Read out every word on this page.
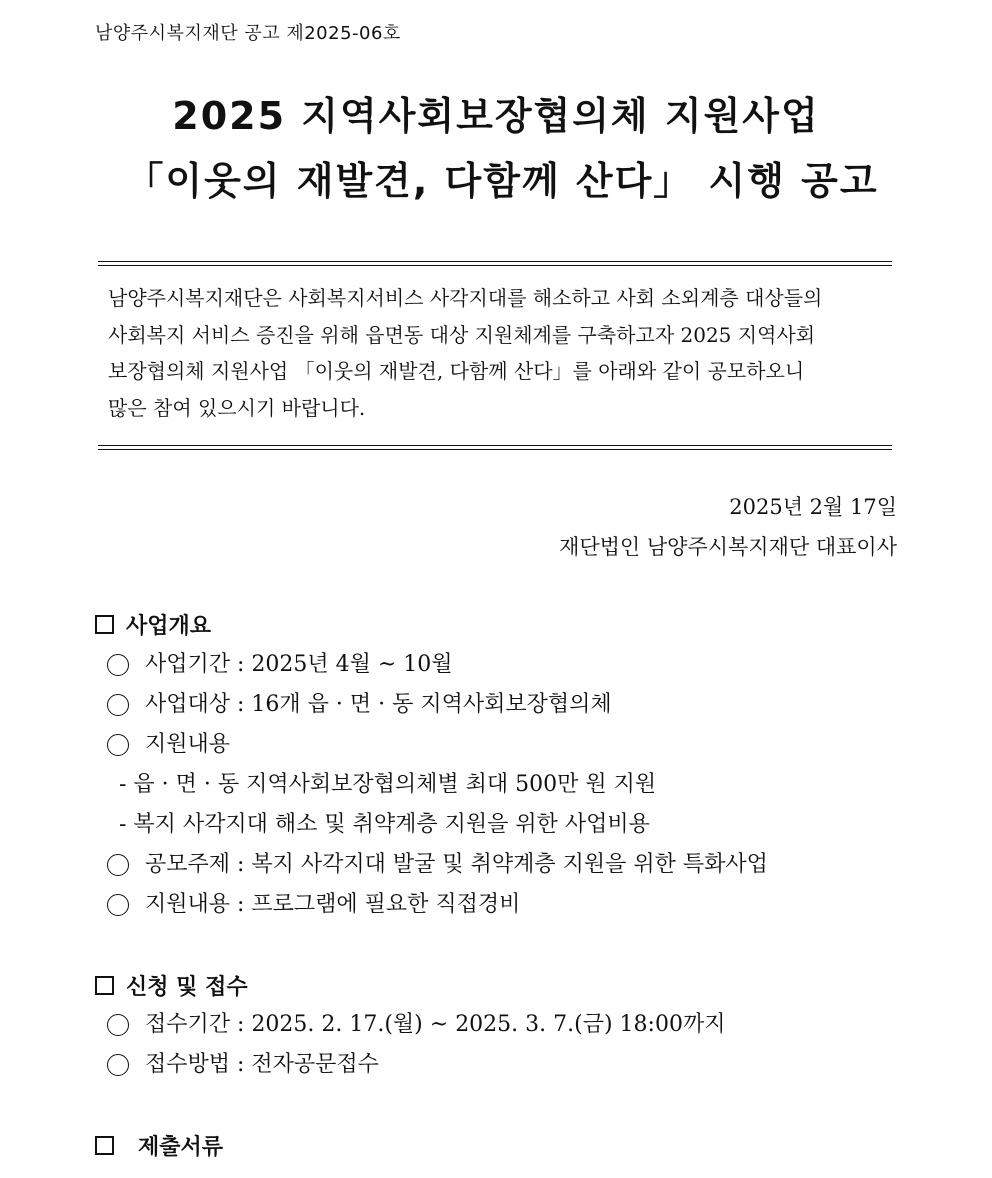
남양주시복지재단 공고 제2025-06호
2025 지역사회보장협의체 지원사업
「이웃의 재발견, 다함께 산다」 시행 공고
남양주시복지재단은 사회복지서비스 사각지대를 해소하고 사회 소외계층 대상들의
사회복지 서비스 증진을 위해 읍면동 대상 지원체계를 구축하고자 2025 지역사회
보장협의체 지원사업 「이웃의 재발견, 다함께 산다」를 아래와 같이 공모하오니
많은 참여 있으시기 바랍니다.
2025년 2월 17일
재단법인 남양주시복지재단 대표이사
사업개요
사업기간 : 2025년 4월 ~ 10월
사업대상 : 16개 읍 · 면 · 동 지역사회보장협의체
지원내용
- 읍 · 면 · 동 지역사회보장협의체별 최대 500만 원 지원
- 복지 사각지대 해소 및 취약계층 지원을 위한 사업비용
공모주제 : 복지 사각지대 발굴 및 취약계층 지원을 위한 특화사업
지원내용 : 프로그램에 필요한 직접경비
신청 및 접수
접수기간 : 2025. 2. 17.(월) ~ 2025. 3. 7.(금) 18:00까지
접수방법 : 전자공문접수
제출서류
